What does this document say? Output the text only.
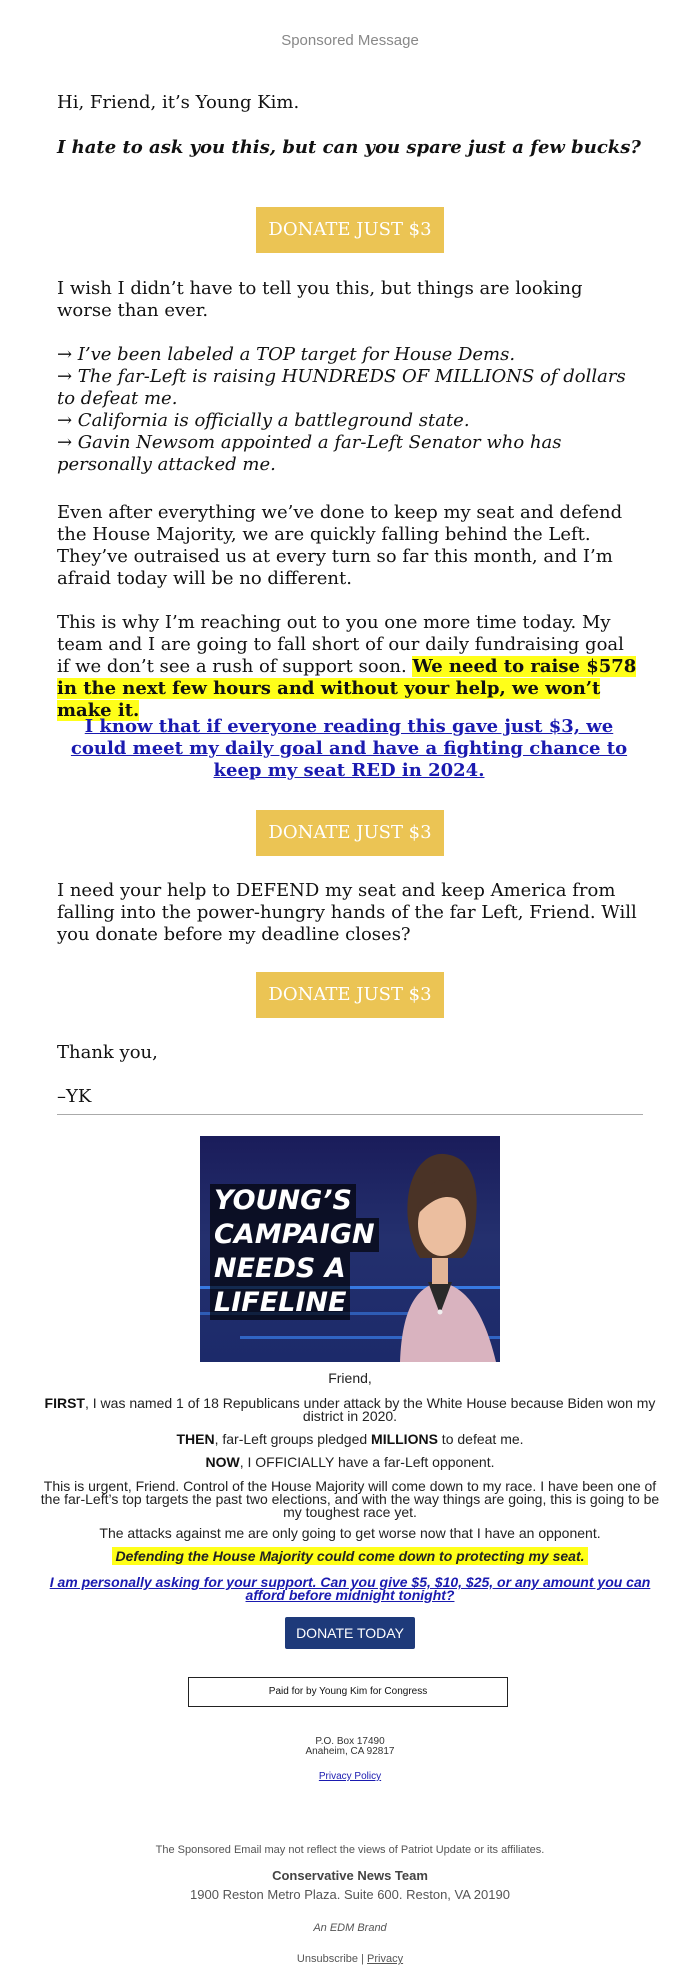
Sponsored Message

Hi, Friend, it’s Young Kim.

I hate to ask you this, but can you spare just a few bucks?

DONATE JUST $3

I wish I didn’t have to tell you this, but things are looking worse than ever.

→ I’ve been labeled a TOP target for House Dems.
→ The far-Left is raising HUNDREDS OF MILLIONS of dollars to defeat me.
→ California is officially a battleground state.
→ Gavin Newsom appointed a far-Left Senator who has personally attacked me.

Even after everything we’ve done to keep my seat and defend the House Majority, we are quickly falling behind the Left. They’ve outraised us at every turn so far this month, and I’m afraid today will be no different.

This is why I’m reaching out to you one more time today. My team and I are going to fall short of our daily fundraising goal if we don’t see a rush of support soon. We need to raise $578 in the next few hours and without your help, we won’t make it.

I know that if everyone reading this gave just $3, we could meet my daily goal and have a fighting chance to keep my seat RED in 2024.
DONATE JUST $3

I need your help to DEFEND my seat and keep America from falling into the power-hungry hands of the far Left, Friend. Will you donate before my deadline closes?

DONATE JUST $3

Thank you,

–YK

YOUNG’S
CAMPAIGN
NEEDS A
LIFELINE

Friend,

FIRST, I was named 1 of 18 Republicans under attack by the White House because Biden won my district in 2020.

THEN, far-Left groups pledged MILLIONS to defeat me.

NOW, I OFFICIALLY have a far-Left opponent.

This is urgent, Friend. Control of the House Majority will come down to my race. I have been one of the far-Left’s top targets the past two elections, and with the way things are going, this is going to be my toughest race yet.

The attacks against me are only going to get worse now that I have an opponent.

Defending the House Majority could come down to protecting my seat.

I am personally asking for your support. Can you give $5, $10, $25, or any amount you can afford before midnight tonight?

DONATE TODAY
Paid for by Young Kim for Congress
P.O. Box 17490
Anaheim, CA 92817
Privacy Policy
The Sponsored Email may not reflect the views of Patriot Update or its affiliates.
Conservative News Team
1900 Reston Metro Plaza. Suite 600. Reston, VA 20190
An EDM Brand
Unsubscribe | Privacy
